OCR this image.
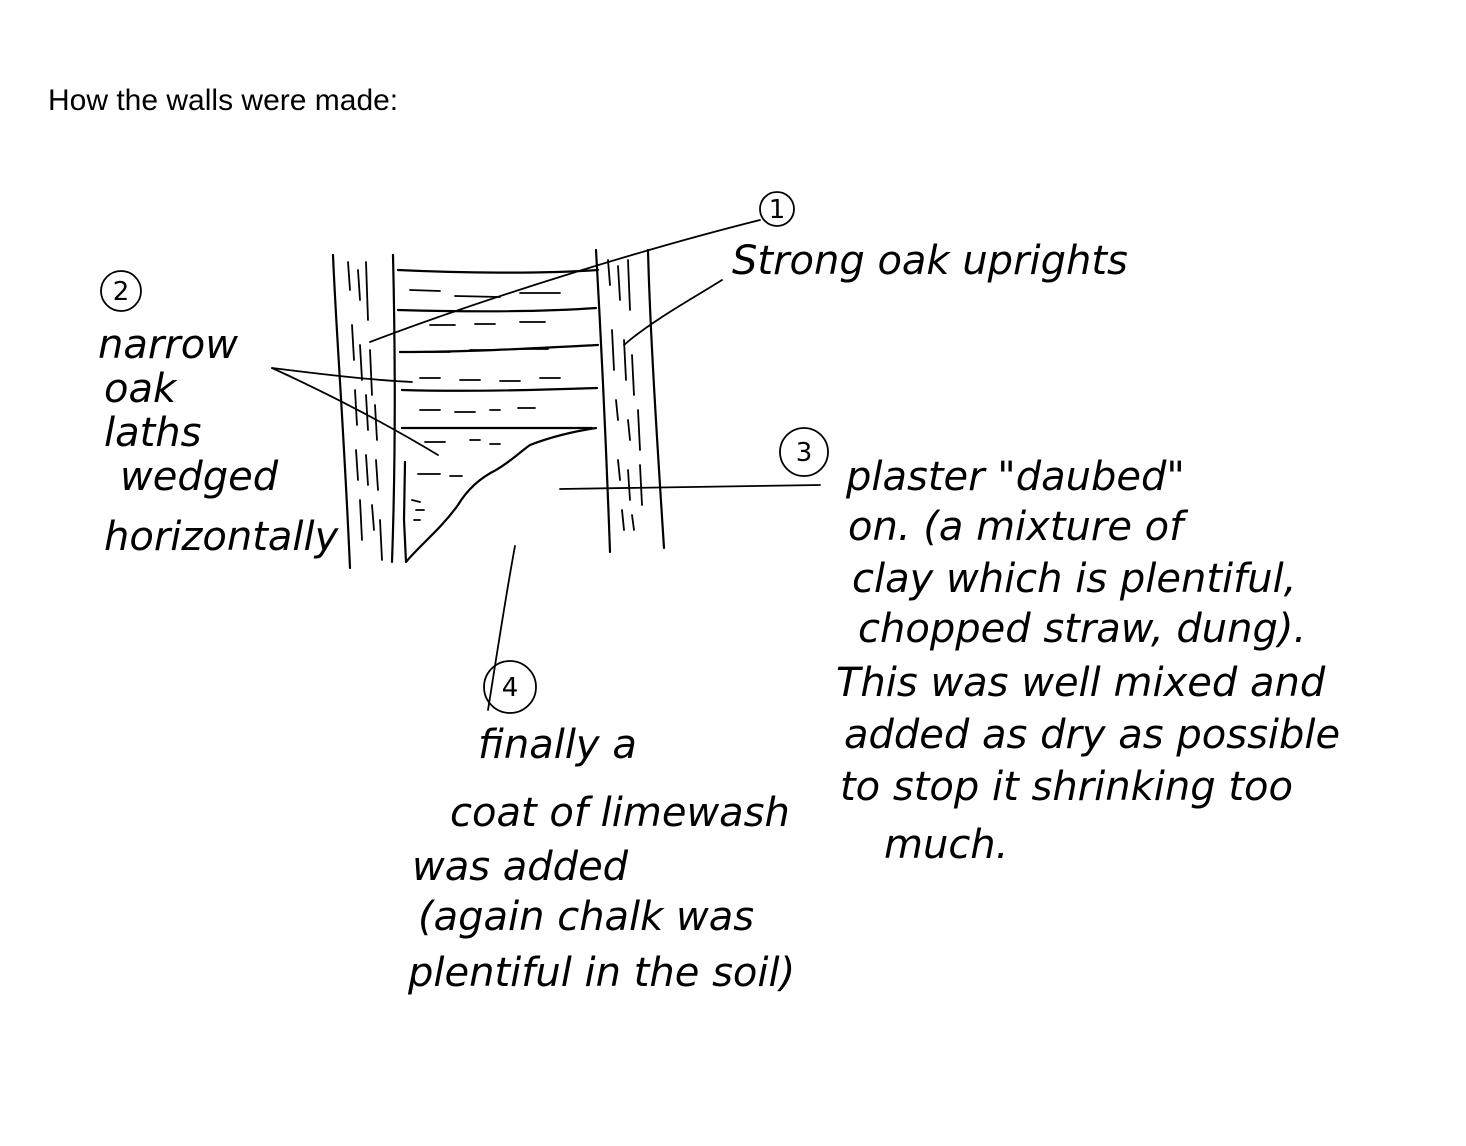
How the walls were made:
1
Strong oak uprights
2
narrow
oak
laths
wedged
horizontally
3
plaster "daubed"
on. (a mixture of
clay which is plentiful,
chopped straw, dung).
This was well mixed and
added as dry as possible
to stop it shrinking too
much.
4
finally a
coat of limewash
was added
(again chalk was
plentiful in the soil)
